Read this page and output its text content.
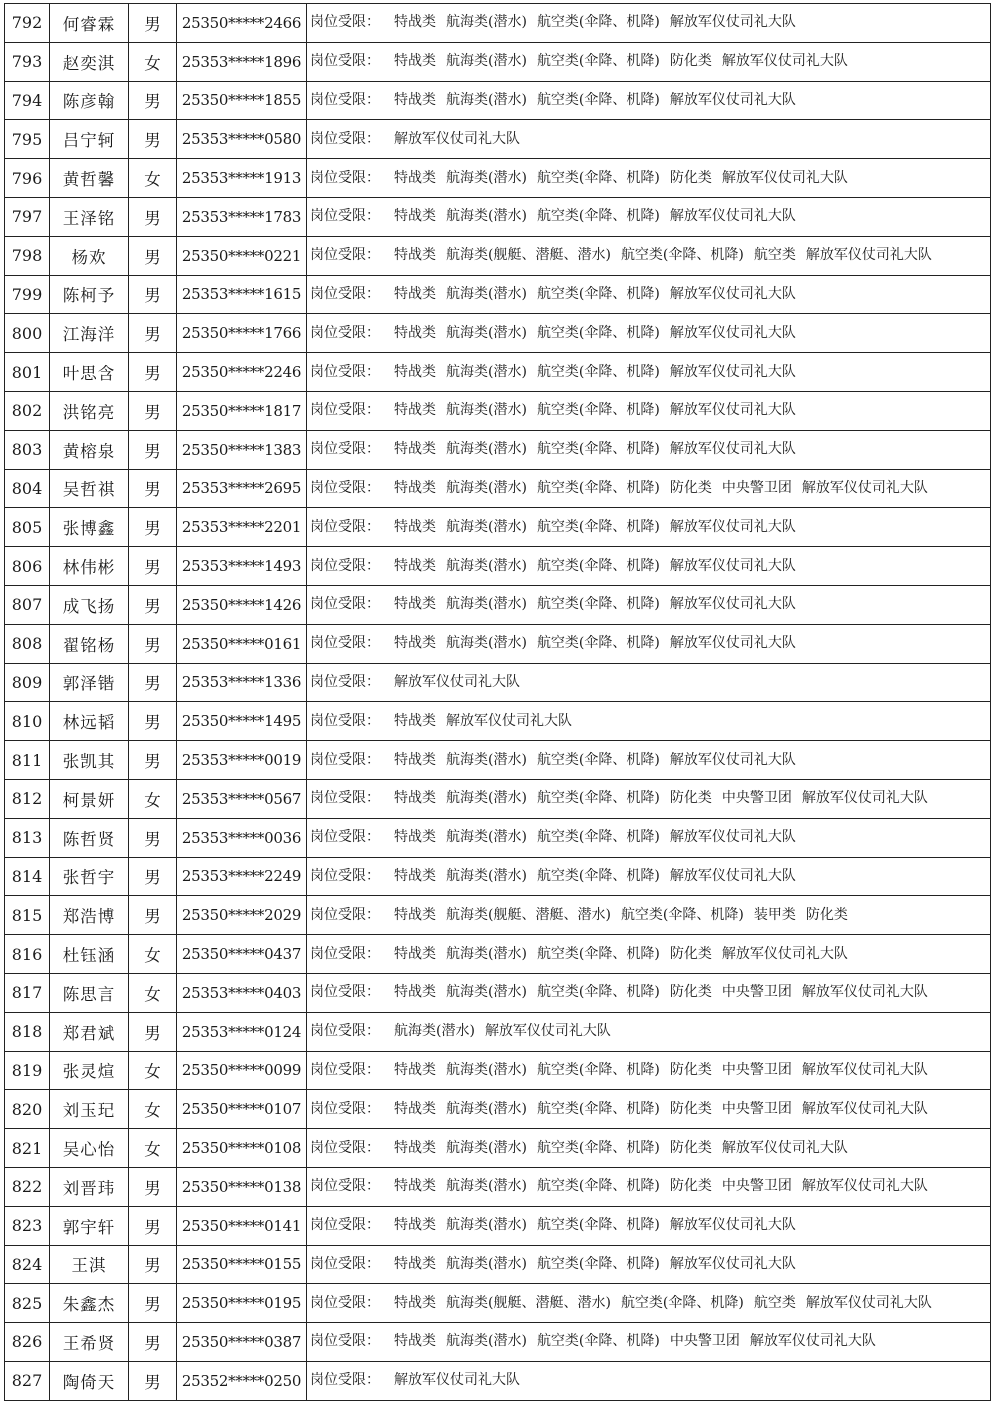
792	何睿霖	男	25350*****2466	岗位受限： 特战类 航海类(潜水) 航空类(伞降、机降) 解放军仪仗司礼大队

793	赵奕淇	女	25353*****1896	岗位受限： 特战类 航海类(潜水) 航空类(伞降、机降) 防化类 解放军仪仗司礼大队

794	陈彦翰	男	25350*****1855	岗位受限： 特战类 航海类(潜水) 航空类(伞降、机降) 解放军仪仗司礼大队

795	吕宁轲	男	25353*****0580	岗位受限： 解放军仪仗司礼大队

796	黄哲馨	女	25353*****1913	岗位受限： 特战类 航海类(潜水) 航空类(伞降、机降) 防化类 解放军仪仗司礼大队

797	王泽铭	男	25353*****1783	岗位受限： 特战类 航海类(潜水) 航空类(伞降、机降) 解放军仪仗司礼大队

798	杨欢	男	25350*****0221	岗位受限： 特战类 航海类(舰艇、潜艇、潜水) 航空类(伞降、机降) 航空类 解放军仪仗司礼大队

799	陈柯予	男	25353*****1615	岗位受限： 特战类 航海类(潜水) 航空类(伞降、机降) 解放军仪仗司礼大队

800	江海洋	男	25350*****1766	岗位受限： 特战类 航海类(潜水) 航空类(伞降、机降) 解放军仪仗司礼大队

801	叶思含	男	25350*****2246	岗位受限： 特战类 航海类(潜水) 航空类(伞降、机降) 解放军仪仗司礼大队

802	洪铭亮	男	25350*****1817	岗位受限： 特战类 航海类(潜水) 航空类(伞降、机降) 解放军仪仗司礼大队

803	黄榕泉	男	25350*****1383	岗位受限： 特战类 航海类(潜水) 航空类(伞降、机降) 解放军仪仗司礼大队

804	吴哲祺	男	25353*****2695	岗位受限： 特战类 航海类(潜水) 航空类(伞降、机降) 防化类 中央警卫团 解放军仪仗司礼大队

805	张博鑫	男	25353*****2201	岗位受限： 特战类 航海类(潜水) 航空类(伞降、机降) 解放军仪仗司礼大队

806	林伟彬	男	25353*****1493	岗位受限： 特战类 航海类(潜水) 航空类(伞降、机降) 解放军仪仗司礼大队

807	成飞扬	男	25350*****1426	岗位受限： 特战类 航海类(潜水) 航空类(伞降、机降) 解放军仪仗司礼大队

808	翟铭杨	男	25350*****0161	岗位受限： 特战类 航海类(潜水) 航空类(伞降、机降) 解放军仪仗司礼大队

809	郭泽锴	男	25353*****1336	岗位受限： 解放军仪仗司礼大队

810	林远韬	男	25350*****1495	岗位受限： 特战类 解放军仪仗司礼大队

811	张凯其	男	25353*****0019	岗位受限： 特战类 航海类(潜水) 航空类(伞降、机降) 解放军仪仗司礼大队

812	柯景妍	女	25353*****0567	岗位受限： 特战类 航海类(潜水) 航空类(伞降、机降) 防化类 中央警卫团 解放军仪仗司礼大队

813	陈哲贤	男	25353*****0036	岗位受限： 特战类 航海类(潜水) 航空类(伞降、机降) 解放军仪仗司礼大队

814	张哲宇	男	25353*****2249	岗位受限： 特战类 航海类(潜水) 航空类(伞降、机降) 解放军仪仗司礼大队

815	郑浩博	男	25350*****2029	岗位受限： 特战类 航海类(舰艇、潜艇、潜水) 航空类(伞降、机降) 装甲类 防化类

816	杜钰涵	女	25350*****0437	岗位受限： 特战类 航海类(潜水) 航空类(伞降、机降) 防化类 解放军仪仗司礼大队

817	陈思言	女	25353*****0403	岗位受限： 特战类 航海类(潜水) 航空类(伞降、机降) 防化类 中央警卫团 解放军仪仗司礼大队

818	郑君斌	男	25353*****0124	岗位受限： 航海类(潜水) 解放军仪仗司礼大队

819	张灵煊	女	25350*****0099	岗位受限： 特战类 航海类(潜水) 航空类(伞降、机降) 防化类 中央警卫团 解放军仪仗司礼大队

820	刘玉玘	女	25350*****0107	岗位受限： 特战类 航海类(潜水) 航空类(伞降、机降) 防化类 中央警卫团 解放军仪仗司礼大队

821	吴心怡	女	25350*****0108	岗位受限： 特战类 航海类(潜水) 航空类(伞降、机降) 防化类 解放军仪仗司礼大队

822	刘晋玮	男	25350*****0138	岗位受限： 特战类 航海类(潜水) 航空类(伞降、机降) 防化类 中央警卫团 解放军仪仗司礼大队

823	郭宇轩	男	25350*****0141	岗位受限： 特战类 航海类(潜水) 航空类(伞降、机降) 解放军仪仗司礼大队

824	王淇	男	25350*****0155	岗位受限： 特战类 航海类(潜水) 航空类(伞降、机降) 解放军仪仗司礼大队

825	朱鑫杰	男	25350*****0195	岗位受限： 特战类 航海类(舰艇、潜艇、潜水) 航空类(伞降、机降) 航空类 解放军仪仗司礼大队

826	王希贤	男	25350*****0387	岗位受限： 特战类 航海类(潜水) 航空类(伞降、机降) 中央警卫团 解放军仪仗司礼大队

827	陶倚天	男	25352*****0250	岗位受限： 解放军仪仗司礼大队
